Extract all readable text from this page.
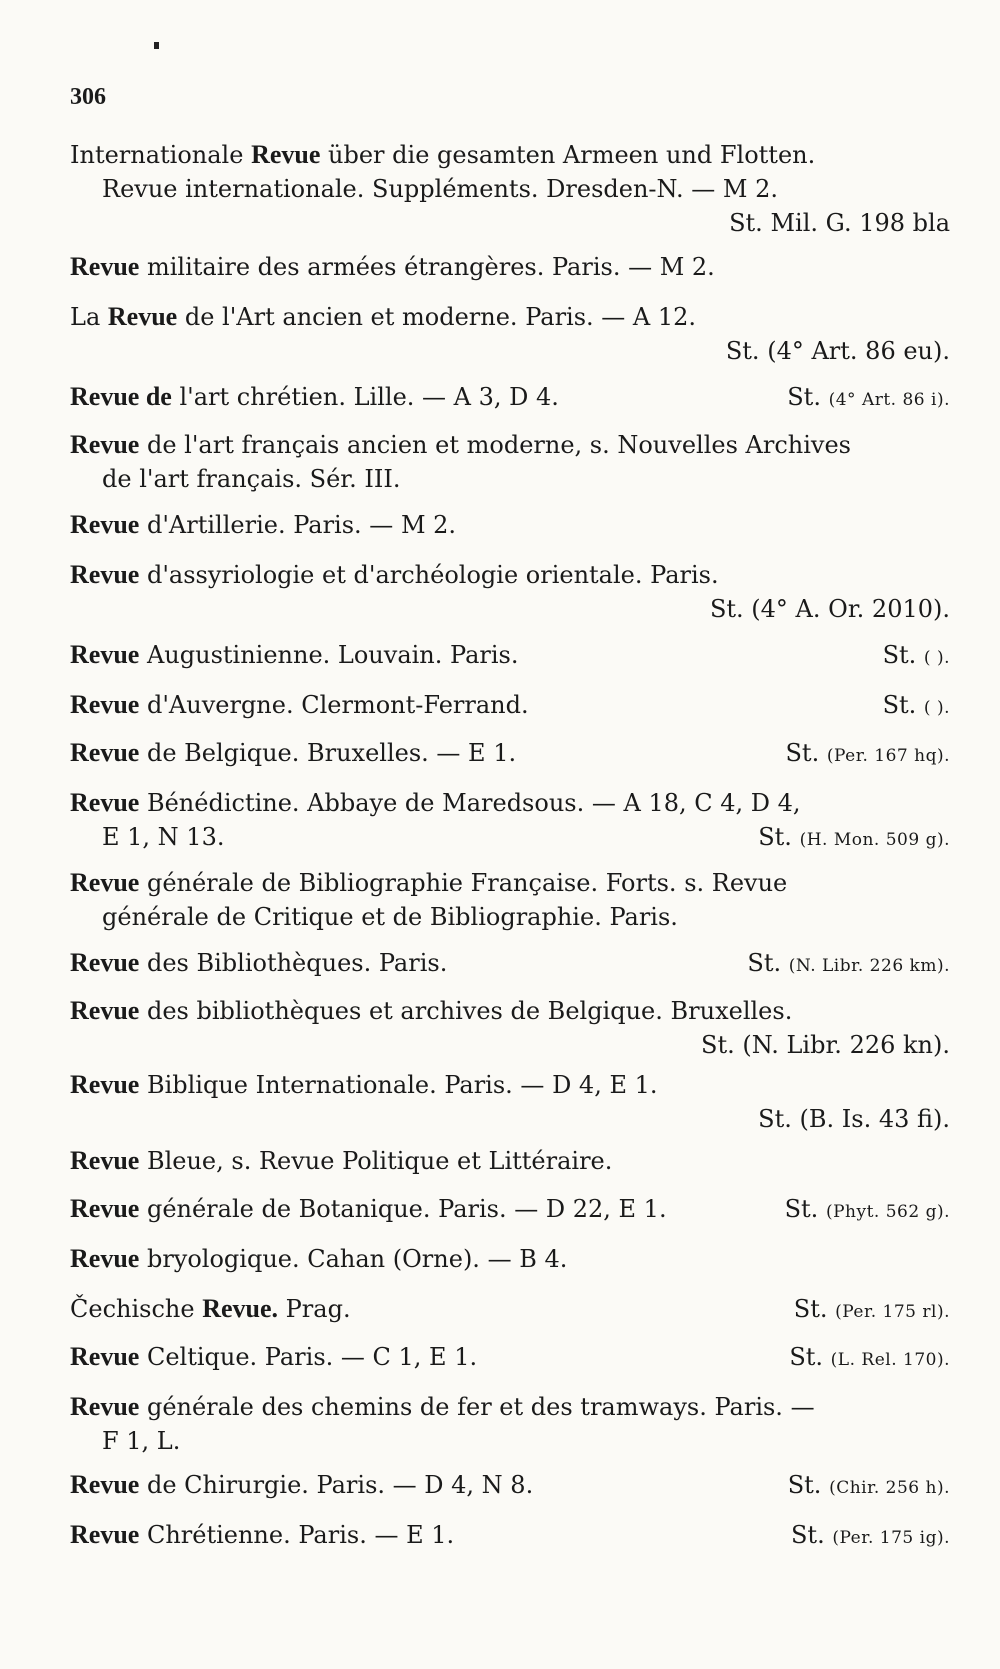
306
Internationale Revue über die gesamten Armeen und Flotten.
Revue internationale. Suppléments. Dresden-N. — M 2.
St. Mil. G. 198 bla
Revue militaire des armées étrangères. Paris. — M 2.
La Revue de l'Art ancien et moderne. Paris. — A 12.
St. (4° Art. 86 eu).
Revue de l'art chrétien. Lille. — A 3, D 4.	St. (4° Art. 86 i).
Revue de l'art français ancien et moderne, s. Nouvelles Archives
de l'art français. Sér. III.
Revue d'Artillerie. Paris. — M 2.
Revue d'assyriologie et d'archéologie orientale. Paris.
St. (4° A. Or. 2010).
Revue Augustinienne. Louvain. Paris.	St. ( ).
Revue d'Auvergne. Clermont-Ferrand.	St. ( ).
Revue de Belgique. Bruxelles. — E 1.	St. (Per. 167 hq).
Revue Bénédictine. Abbaye de Maredsous. — A 18, C 4, D 4,
E 1, N 13.	St. (H. Mon. 509 g).
Revue générale de Bibliographie Française. Forts. s. Revue
générale de Critique et de Bibliographie. Paris.
Revue des Bibliothèques. Paris.	St. (N. Libr. 226 km).
Revue des bibliothèques et archives de Belgique. Bruxelles.
St. (N. Libr. 226 kn).
Revue Biblique Internationale. Paris. — D 4, E 1.
St. (B. Is. 43 fi).
Revue Bleue, s. Revue Politique et Littéraire.
Revue générale de Botanique. Paris. — D 22, E 1.	St. (Phyt. 562 g).
Revue bryologique. Cahan (Orne). — B 4.
Čechische Revue. Prag.	St. (Per. 175 rl).
Revue Celtique. Paris. — C 1, E 1.	St. (L. Rel. 170).
Revue générale des chemins de fer et des tramways. Paris. —
F 1, L.
Revue de Chirurgie. Paris. — D 4, N 8.	St. (Chir. 256 h).
Revue Chrétienne. Paris. — E 1.	St. (Per. 175 ig).
